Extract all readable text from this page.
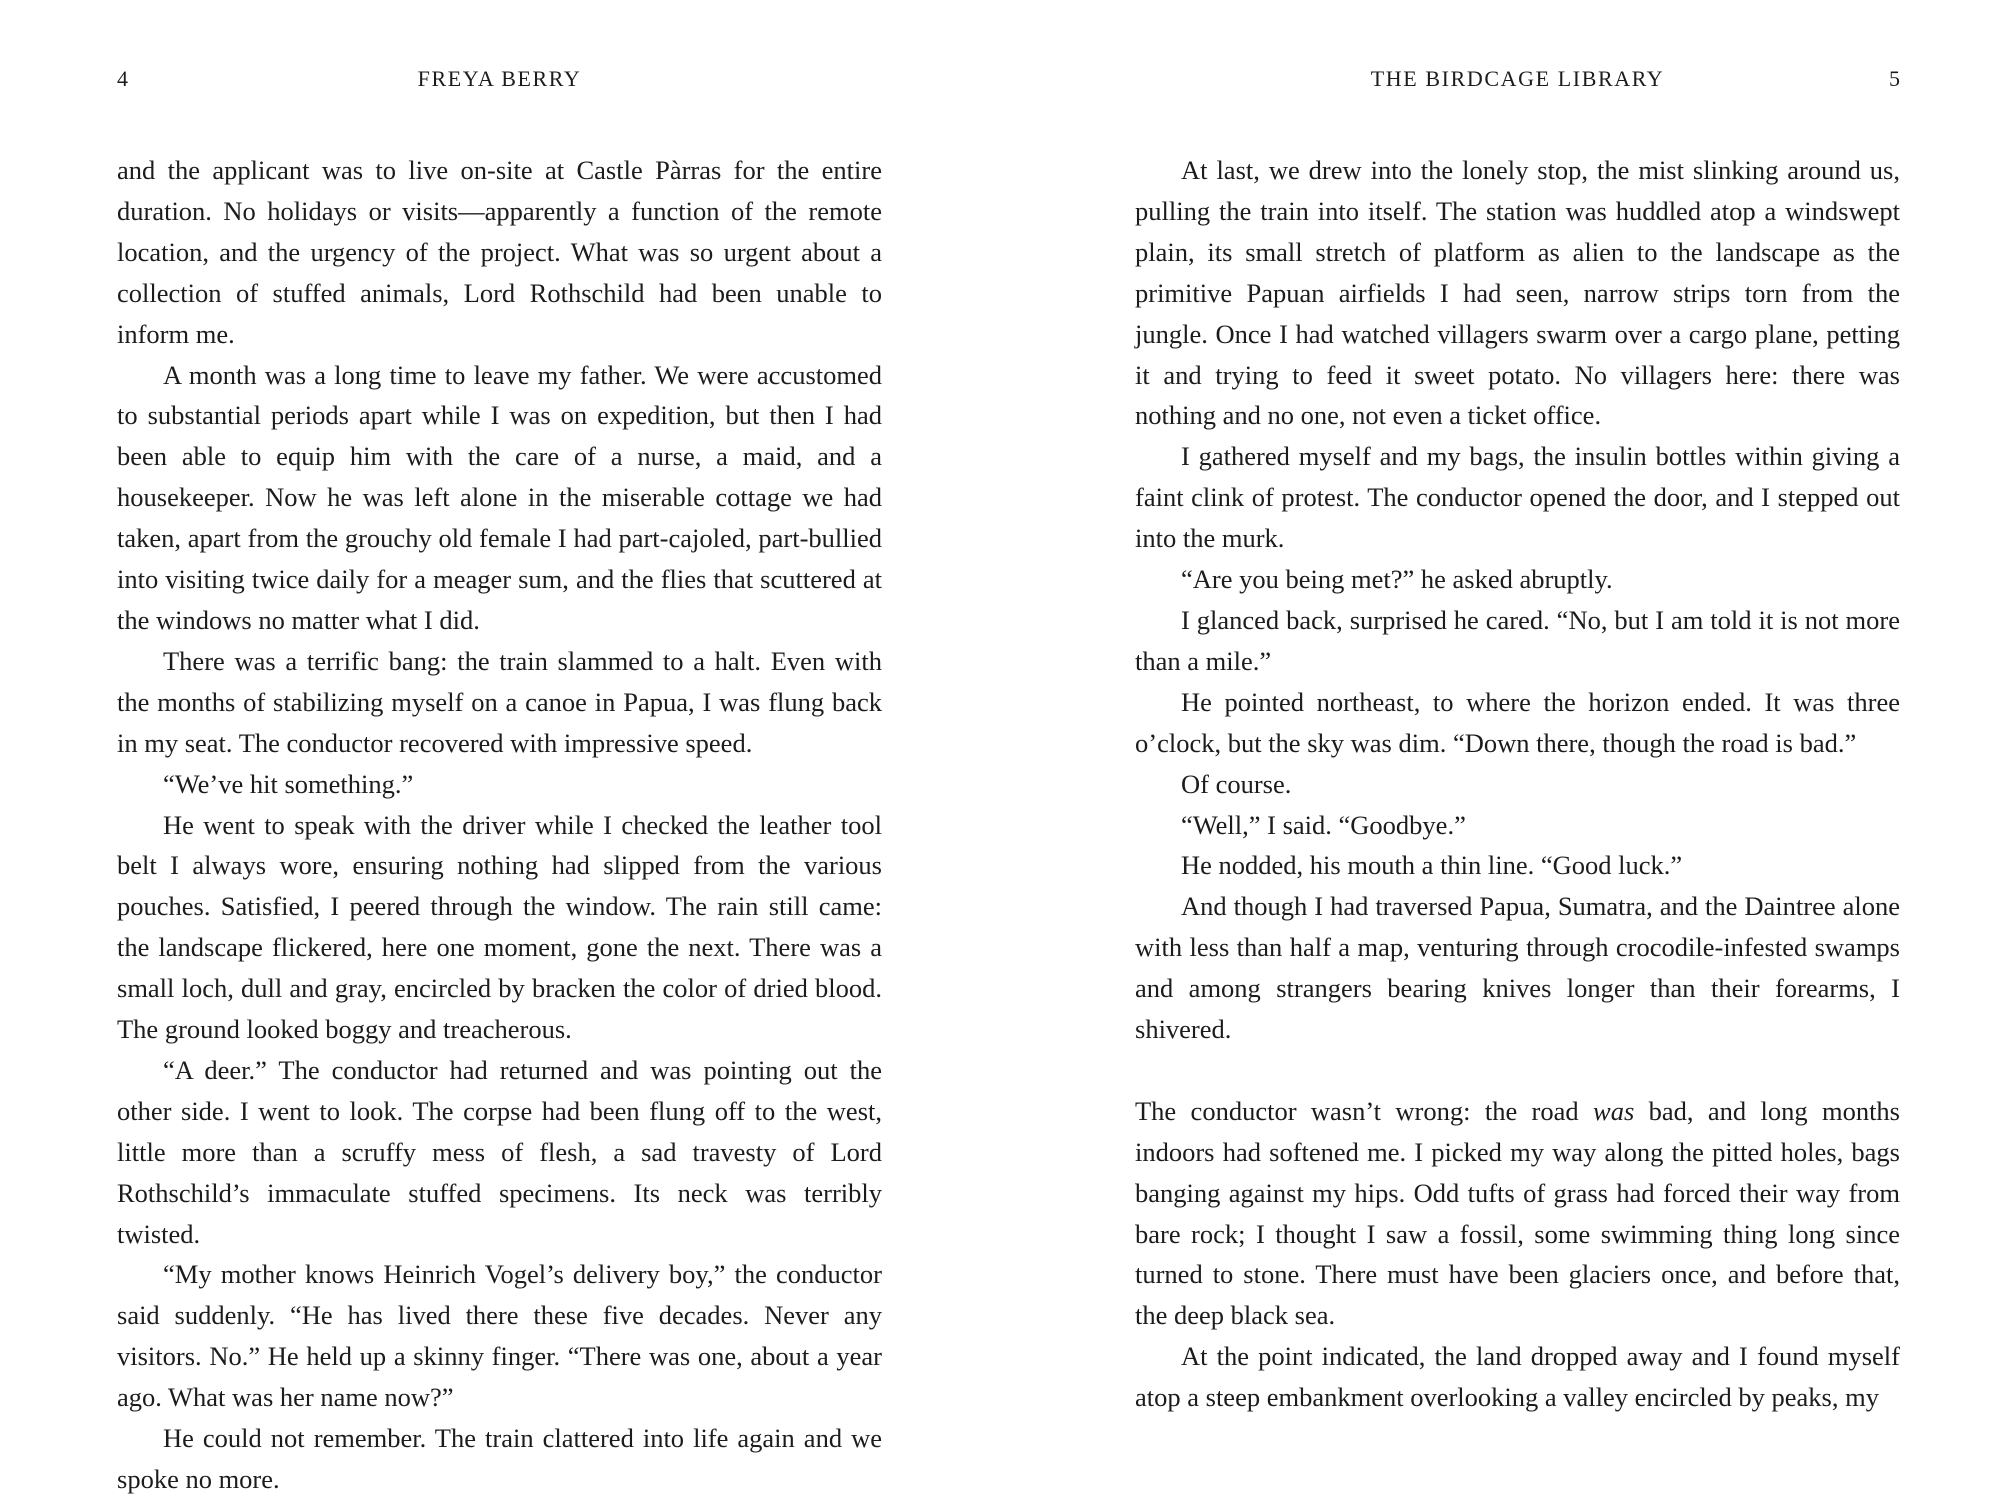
4	FREYA BERRY

and the applicant was to live on-site at Castle Pàrras for the entire duration. No holidays or visits—apparently a function of the remote location, and the urgency of the project. What was so urgent about a collection of stuffed animals, Lord Rothschild had been unable to inform me.

A month was a long time to leave my father. We were accustomed to substantial periods apart while I was on expedition, but then I had been able to equip him with the care of a nurse, a maid, and a housekeeper. Now he was left alone in the miserable cottage we had taken, apart from the grouchy old female I had part-cajoled, part-bullied into visiting twice daily for a meager sum, and the flies that scuttered at the windows no matter what I did.

There was a terrific bang: the train slammed to a halt. Even with the months of stabilizing myself on a canoe in Papua, I was flung back in my seat. The conductor recovered with impressive speed.

“We’ve hit something.”

He went to speak with the driver while I checked the leather tool belt I always wore, ensuring nothing had slipped from the various pouches. Satisfied, I peered through the window. The rain still came: the landscape flickered, here one moment, gone the next. There was a small loch, dull and gray, encircled by bracken the color of dried blood. The ground looked boggy and treacherous.

“A deer.” The conductor had returned and was pointing out the other side. I went to look. The corpse had been flung off to the west, little more than a scruffy mess of flesh, a sad travesty of Lord Rothschild’s immaculate stuffed specimens. Its neck was terribly twisted.

“My mother knows Heinrich Vogel’s delivery boy,” the conductor said suddenly. “He has lived there these five decades. Never any visitors. No.” He held up a skinny finger. “There was one, about a year ago. What was her name now?”

He could not remember. The train clattered into life again and we spoke no more.

THE BIRDCAGE LIBRARY	5

At last, we drew into the lonely stop, the mist slinking around us, pulling the train into itself. The station was huddled atop a windswept plain, its small stretch of platform as alien to the landscape as the primitive Papuan airfields I had seen, narrow strips torn from the jungle. Once I had watched villagers swarm over a cargo plane, petting it and trying to feed it sweet potato. No villagers here: there was nothing and no one, not even a ticket office.

I gathered myself and my bags, the insulin bottles within giving a faint clink of protest. The conductor opened the door, and I stepped out into the murk.

“Are you being met?” he asked abruptly.

I glanced back, surprised he cared. “No, but I am told it is not more than a mile.”

He pointed northeast, to where the horizon ended. It was three o’clock, but the sky was dim. “Down there, though the road is bad.”

Of course.

“Well,” I said. “Goodbye.”

He nodded, his mouth a thin line. “Good luck.”

And though I had traversed Papua, Sumatra, and the Daintree alone with less than half a map, venturing through crocodile-infested swamps and among strangers bearing knives longer than their forearms, I shivered.

The conductor wasn’t wrong: the road was bad, and long months indoors had softened me. I picked my way along the pitted holes, bags banging against my hips. Odd tufts of grass had forced their way from bare rock; I thought I saw a fossil, some swimming thing long since turned to stone. There must have been glaciers once, and before that, the deep black sea.

At the point indicated, the land dropped away and I found myself atop a steep embankment overlooking a valley encircled by peaks, my
